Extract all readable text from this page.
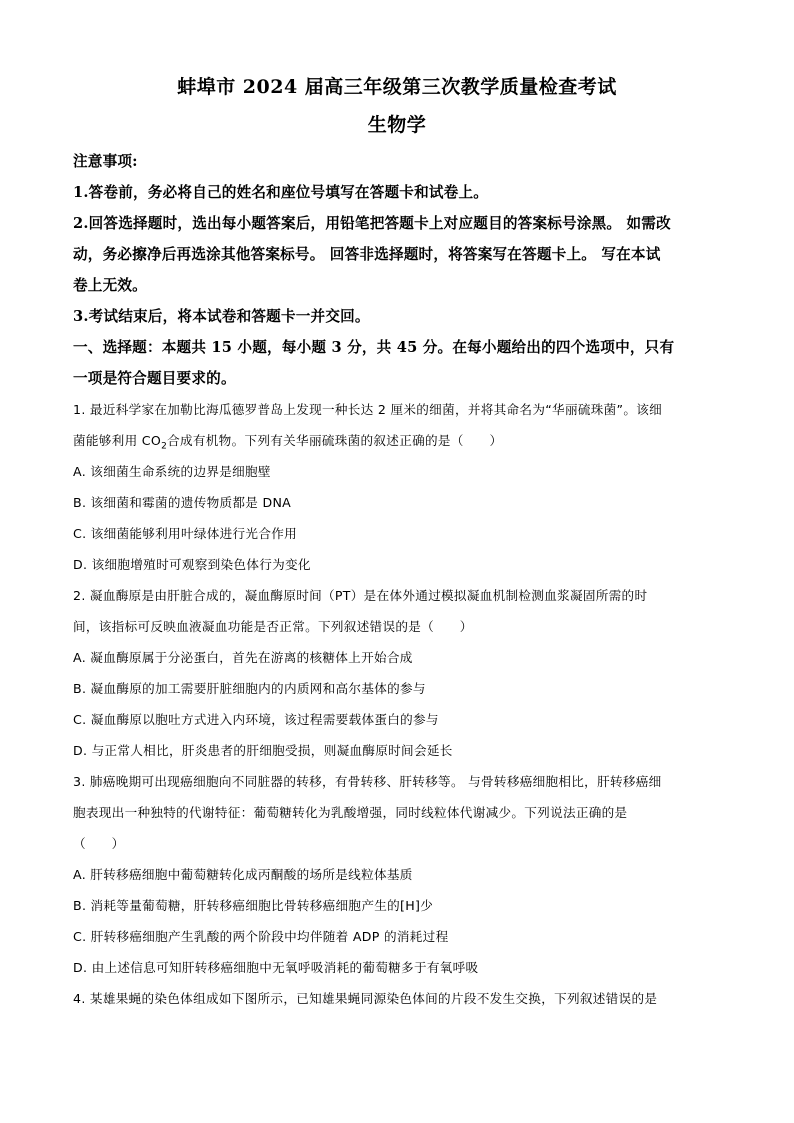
蚌埠市 2024 届高三年级第三次教学质量检查考试
生物学
注意事项:
1.答卷前，务必将自己的姓名和座位号填写在答题卡和试卷上。
2.回答选择题时，选出每小题答案后，用铅笔把答题卡上对应题目的答案标号涂黑。 如需改
动，务必擦净后再选涂其他答案标号。 回答非选择题时，将答案写在答题卡上。 写在本试
卷上无效。
3.考试结束后，将本试卷和答题卡一并交回。
一、选择题：本题共 15 小题，每小题 3 分，共 45 分。在每小题给出的四个选项中，只有
一项是符合题目要求的。
1. 最近科学家在加勒比海瓜德罗普岛上发现一种长达 2 厘米的细菌，并将其命名为“华丽硫珠菌”。该细
菌能够利用 $CO_2$合成有机物。下列有关华丽硫珠菌的叙述正确的是（　　）
A. 该细菌生命系统的边界是细胞壁
B. 该细菌和霉菌的遗传物质都是 DNA
C. 该细菌能够利用叶绿体进行光合作用
D. 该细胞增殖时可观察到染色体行为变化
2. 凝血酶原是由肝脏合成的，凝血酶原时间（PT）是在体外通过模拟凝血机制检测血浆凝固所需的时
间，该指标可反映血液凝血功能是否正常。下列叙述错误的是（　　）
A. 凝血酶原属于分泌蛋白，首先在游离的核糖体上开始合成
B. 凝血酶原的加工需要肝脏细胞内的内质网和高尔基体的参与
C. 凝血酶原以胞吐方式进入内环境，该过程需要载体蛋白的参与
D. 与正常人相比，肝炎患者的肝细胞受损，则凝血酶原时间会延长
3. 肺癌晚期可出现癌细胞向不同脏器的转移，有骨转移、肝转移等。 与骨转移癌细胞相比，肝转移癌细
胞表现出一种独特的代谢特征：葡萄糖转化为乳酸增强，同时线粒体代谢减少。下列说法正确的是
（　　）
A. 肝转移癌细胞中葡萄糖转化成丙酮酸的场所是线粒体基质
B. 消耗等量葡萄糖，肝转移癌细胞比骨转移癌细胞产生的[H]少
C. 肝转移癌细胞产生乳酸的两个阶段中均伴随着 ADP 的消耗过程
D. 由上述信息可知肝转移癌细胞中无氧呼吸消耗的葡萄糖多于有氧呼吸
4. 某雄果蝇的染色体组成如下图所示，已知雄果蝇同源染色体间的片段不发生交换，下列叙述错误的是
